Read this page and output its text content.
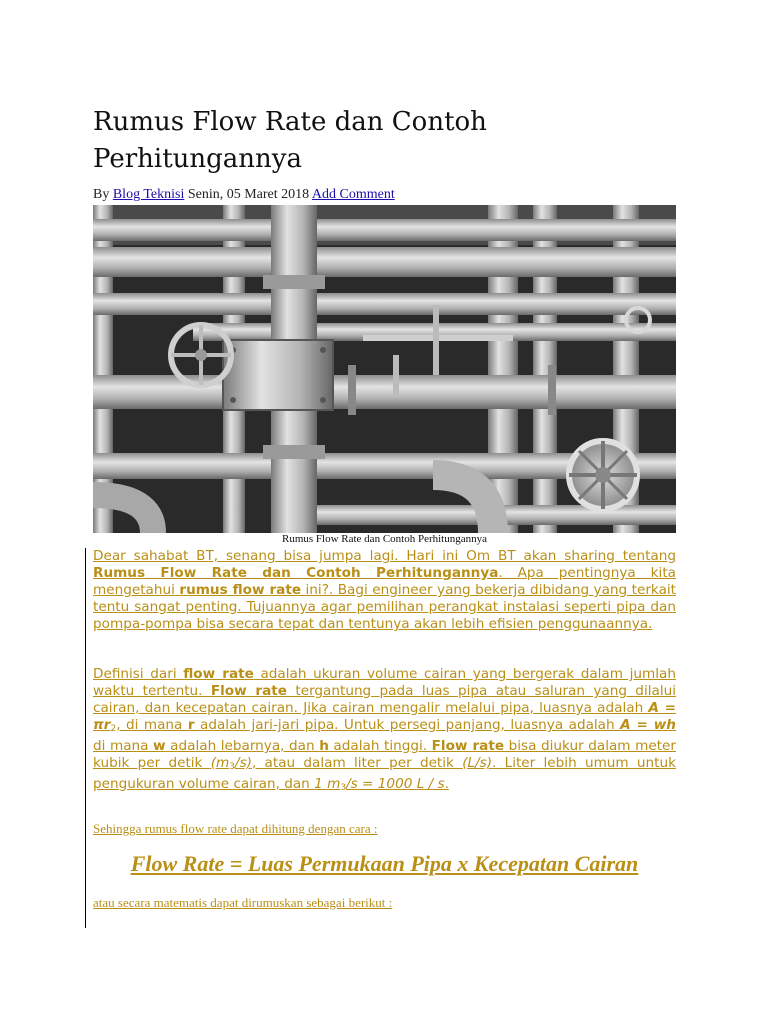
Rumus Flow Rate dan Contoh Perhitungannya
By Blog Teknisi Senin, 05 Maret 2018 Add Comment
Rumus Flow Rate dan Contoh Perhitungannya

Dear sahabat BT, senang bisa jumpa lagi. Hari ini Om BT akan sharing tentang Rumus Flow Rate dan Contoh Perhitungannya. Apa pentingnya kita mengetahui rumus flow rate ini?. Bagi engineer yang bekerja dibidang yang terkait tentu sangat penting. Tujuannya agar pemilihan perangkat instalasi seperti pipa dan pompa-pompa bisa secara tepat dan tentunya akan lebih efisien penggunaannya.

Definisi dari flow rate adalah ukuran volume cairan yang bergerak dalam jumlah waktu tertentu. Flow rate tergantung pada luas pipa atau saluran yang dilalui cairan, dan kecepatan cairan. Jika cairan mengalir melalui pipa, luasnya adalah $A = \pi r_2$, di mana r adalah jari-jari pipa. Untuk persegi panjang, luasnya adalah A = wh di mana w adalah lebarnya, dan h adalah tinggi. Flow rate bisa diukur dalam meter kubik per detik $(m_3/s)$, atau dalam liter per detik (L/s). Liter lebih umum untuk pengukuran volume cairan, dan 1 $m_3/s = 1000$ L / s.

Sehingga rumus flow rate dapat dihitung dengan cara :
Flow Rate = Luas Permukaan Pipa x Kecepatan Cairan
atau secara matematis dapat dirumuskan sebagai berikut :
